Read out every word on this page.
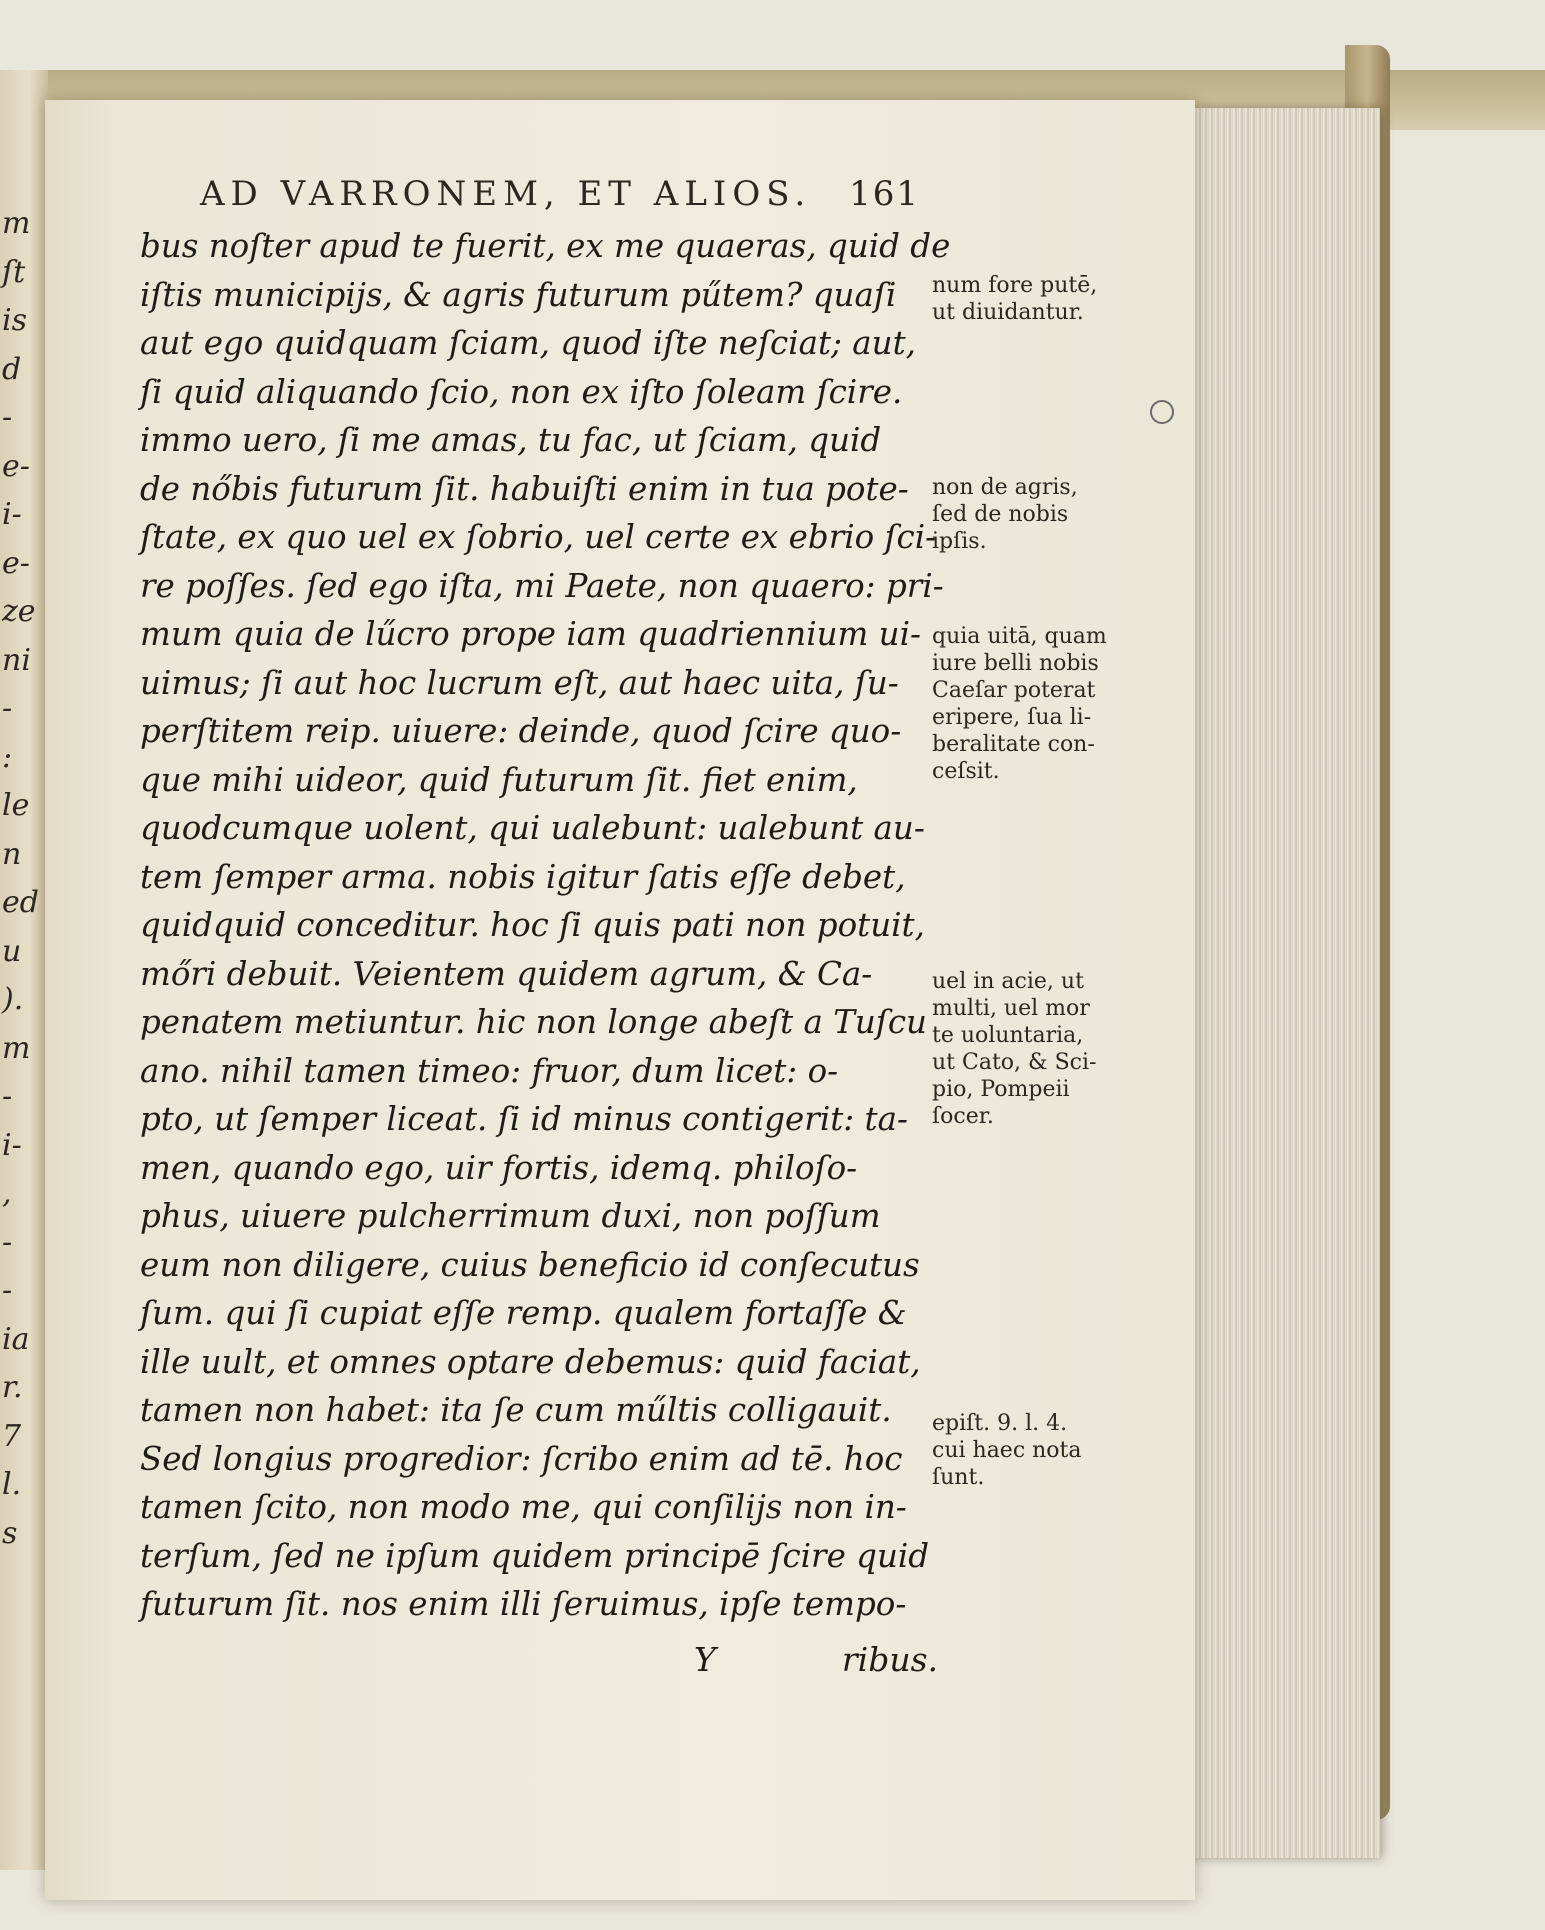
m
ſt
is
d
-
e-
i-
e-
ze
ni
-
:
le
n
ed
u
).
m
-
i-
,
-
-
ia
r.
7
l.
s
AD VARRONEM, ET ALIOS. 161
bus noſter apud te fuerit, ex me quaeras, quid de
iſtis municipijs, & agris futurum pűtem? quaſi
aut ego quidquam ſciam, quod iſte neſciat; aut,
ſi quid aliquando ſcio, non ex iſto ſoleam ſcire.
immo uero, ſi me amas, tu fac, ut ſciam, quid
de nőbis futurum ſit. habuiſti enim in tua pote-
ſtate, ex quo uel ex ſobrio, uel certe ex ebrio ſci-
re poſſes. ſed ego iſta, mi Paete, non quaero: pri-
mum quia de lűcro prope iam quadriennium ui-
uimus; ſi aut hoc lucrum eſt, aut haec uita, ſu-
perſtitem reip. uiuere: deinde, quod ſcire quo-
que mihi uideor, quid futurum ſit. fiet enim,
quodcumque uolent, qui ualebunt: ualebunt au-
tem ſemper arma. nobis igitur ſatis eſſe debet,
quidquid conceditur. hoc ſi quis pati non potuit,
mőri debuit. Veientem quidem agrum, & Ca-
penatem metiuntur. hic non longe abeſt a Tuſcu
ano. nihil tamen timeo: fruor, dum licet: o-
pto, ut ſemper liceat. ſi id minus contigerit: ta-
men, quando ego, uir fortis, idemq. philoſo-
phus, uiuere pulcherrimum duxi, non poſſum
eum non diligere, cuius beneficio id conſecutus
ſum. qui ſi cupiat eſſe remp. qualem fortaſſe &
ille uult, et omnes optare debemus: quid faciat,
tamen non habet: ita ſe cum műltis colligauit.
Sed longius progredior: ſcribo enim ad tē. hoc
tamen ſcito, non modo me, qui conſilijs non in-
terſum, ſed ne ipſum quidem principē ſcire quid
futurum ſit. nos enim illi ſeruimus, ipſe tempo-
Y	ribus.
num fore putē,
ut diuidantur.
non de agris,
ſed de nobis
ipſis.
quia uitā, quam
iure belli nobis
Caeſar poterat
eripere, ſua li-
beralitate con-
ceſsit.
uel in acie, ut
multi, uel mor
te uoluntaria,
ut Cato, & Sci-
pio, Pompeii
ſocer.
epiſt. 9. l. 4.
cui haec nota
ſunt.
